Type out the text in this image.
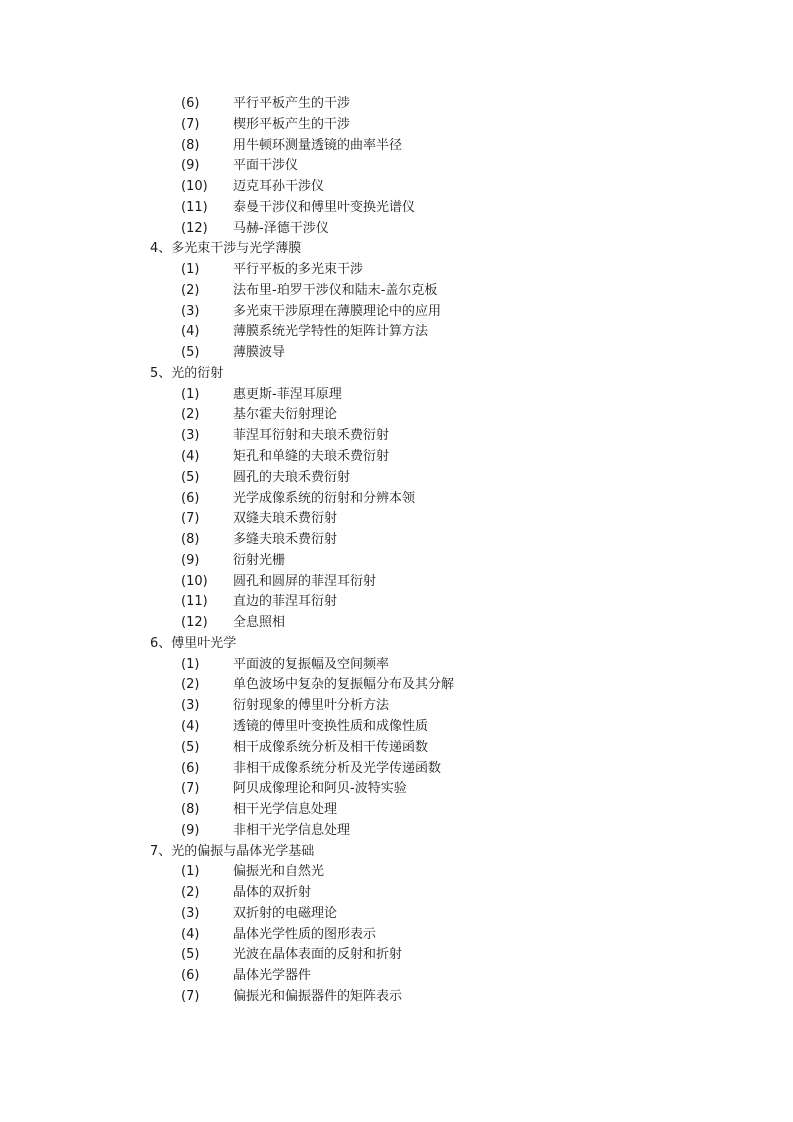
(6)	平行平板产生的干涉
(7)	楔形平板产生的干涉
(8)	用牛顿环测量透镜的曲率半径
(9)	平面干涉仪
(10) 迈克耳孙干涉仪
(11) 泰曼干涉仪和傅里叶变换光谱仪
(12) 马赫-泽德干涉仪
4、多光束干涉与光学薄膜
(1)	平行平板的多光束干涉
(2)	法布里-珀罗干涉仪和陆末-盖尔克板
(3)	多光束干涉原理在薄膜理论中的应用
(4)	薄膜系统光学特性的矩阵计算方法
(5)	薄膜波导
5、光的衍射
(1)	惠更斯-菲涅耳原理
(2)	基尔霍夫衍射理论
(3)	菲涅耳衍射和夫琅禾费衍射
(4)	矩孔和单缝的夫琅禾费衍射
(5)	圆孔的夫琅禾费衍射
(6)	光学成像系统的衍射和分辨本领
(7)	双缝夫琅禾费衍射
(8)	多缝夫琅禾费衍射
(9)	衍射光栅
(10) 圆孔和圆屏的菲涅耳衍射
(11) 直边的菲涅耳衍射
(12) 全息照相
6、傅里叶光学
(1)	平面波的复振幅及空间频率
(2)	单色波场中复杂的复振幅分布及其分解
(3)	衍射现象的傅里叶分析方法
(4)	透镜的傅里叶变换性质和成像性质
(5)	相干成像系统分析及相干传递函数
(6)	非相干成像系统分析及光学传递函数
(7)	阿贝成像理论和阿贝-波特实验
(8)	相干光学信息处理
(9)	非相干光学信息处理
7、光的偏振与晶体光学基础
(1)	偏振光和自然光
(2)	晶体的双折射
(3)	双折射的电磁理论
(4)	晶体光学性质的图形表示
(5)	光波在晶体表面的反射和折射
(6)	晶体光学器件
(7)	偏振光和偏振器件的矩阵表示
